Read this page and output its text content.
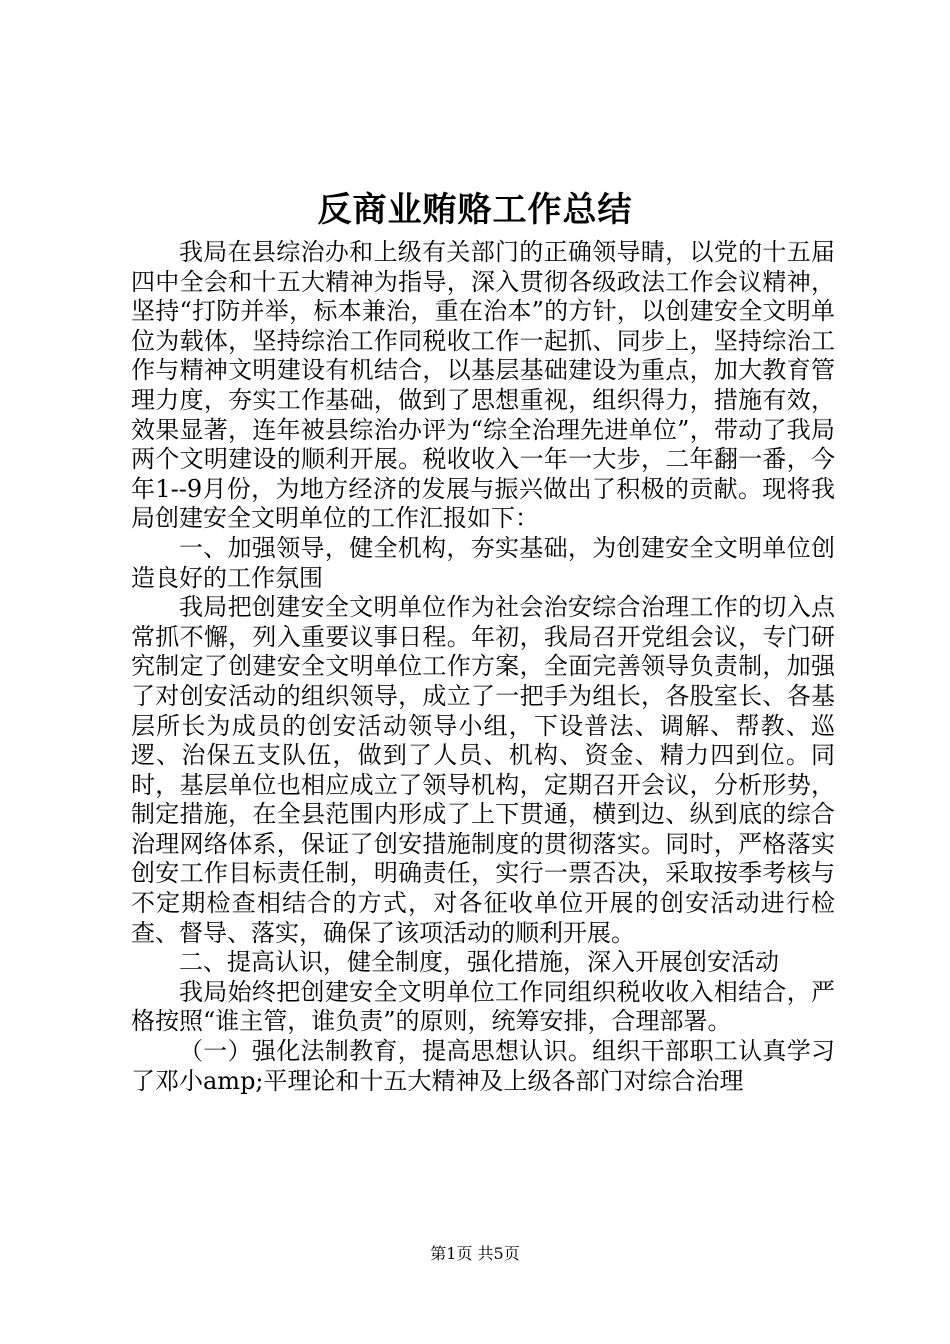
反商业贿赂工作总结

我局在县综治办和上级有关部门的正确领导睛，以党的十五届四中全会和十五大精神为指导，深入贯彻各级政法工作会议精神，坚持“打防并举，标本兼治，重在治本”的方针，以创建安全文明单位为载体，坚持综治工作同税收工作一起抓、同步上，坚持综治工作与精神文明建设有机结合，以基层基础建设为重点，加大教育管理力度，夯实工作基础，做到了思想重视，组织得力，措施有效，效果显著，连年被县综治办评为“综全治理先进单位”，带动了我局两个文明建设的顺利开展。税收收入一年一大步，二年翻一番，今年1--9月份，为地方经济的发展与振兴做出了积极的贡献。现将我局创建安全文明单位的工作汇报如下：

一、加强领导，健全机构，夯实基础，为创建安全文明单位创造良好的工作氛围

我局把创建安全文明单位作为社会治安综合治理工作的切入点常抓不懈，列入重要议事日程。年初，我局召开党组会议，专门研究制定了创建安全文明单位工作方案，全面完善领导负责制，加强了对创安活动的组织领导，成立了一把手为组长，各股室长、各基层所长为成员的创安活动领导小组，下设普法、调解、帮教、巡逻、治保五支队伍，做到了人员、机构、资金、精力四到位。同时，基层单位也相应成立了领导机构，定期召开会议，分析形势，制定措施，在全县范围内形成了上下贯通，横到边、纵到底的综合治理网络体系，保证了创安措施制度的贯彻落实。同时，严格落实创安工作目标责任制，明确责任，实行一票否决，采取按季考核与不定期检查相结合的方式，对各征收单位开展的创安活动进行检查、督导、落实，确保了该项活动的顺利开展。

二、提高认识，健全制度，强化措施，深入开展创安活动

我局始终把创建安全文明单位工作同组织税收收入相结合，严格按照“谁主管，谁负责”的原则，统筹安排，合理部署。

（一）强化法制教育，提高思想认识。组织干部职工认真学习了邓小amp;平理论和十五大精神及上级各部门对综合治理

第1页 共5页
